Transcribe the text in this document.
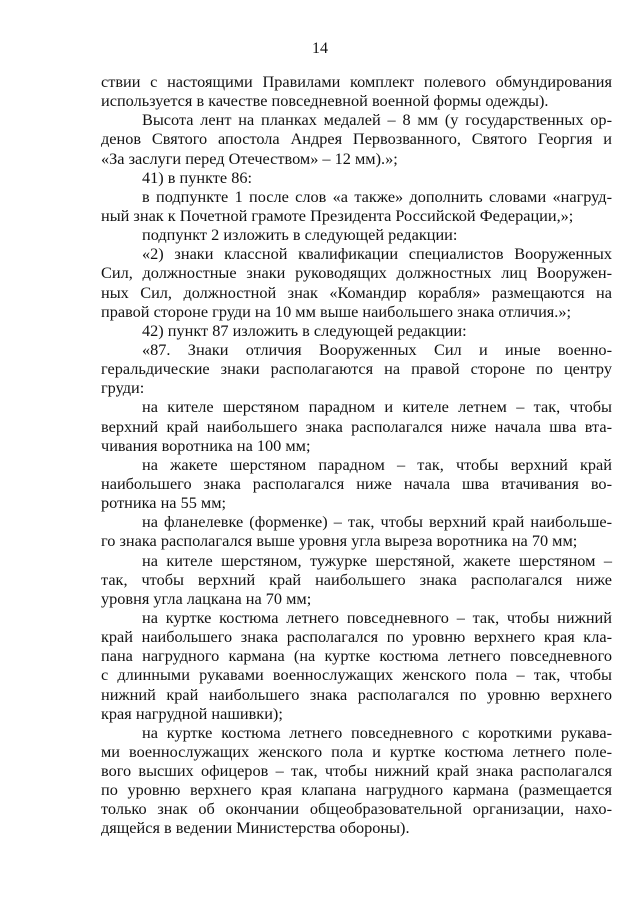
14
ствии с настоящими Правилами комплект полевого обмундирования
используется в качестве повседневной военной формы одежды).
Высота лент на планках медалей – 8 мм (у государственных ор-
денов Святого апостола Андрея Первозванного, Святого Георгия и
«За заслуги перед Отечеством» – 12 мм).»;
41) в пункте 86:
в подпункте 1 после слов «а также» дополнить словами «нагруд-
ный знак к Почетной грамоте Президента Российской Федерации,»;
подпункт 2 изложить в следующей редакции:
«2) знаки классной квалификации специалистов Вооруженных
Сил, должностные знаки руководящих должностных лиц Вооружен-
ных Сил, должностной знак «Командир корабля» размещаются на
правой стороне груди на 10 мм выше наибольшего знака отличия.»;
42) пункт 87 изложить в следующей редакции:
«87. Знаки отличия Вооруженных Сил и иные военно-
геральдические знаки располагаются на правой стороне по центру
груди:
на кителе шерстяном парадном и кителе летнем – так, чтобы
верхний край наибольшего знака располагался ниже начала шва вта-
чивания воротника на 100 мм;
на жакете шерстяном парадном – так, чтобы верхний край
наибольшего знака располагался ниже начала шва втачивания во-
ротника на 55 мм;
на фланелевке (форменке) – так, чтобы верхний край наибольше-
го знака располагался выше уровня угла выреза воротника на 70 мм;
на кителе шерстяном, тужурке шерстяной, жакете шерстяном –
так, чтобы верхний край наибольшего знака располагался ниже
уровня угла лацкана на 70 мм;
на куртке костюма летнего повседневного – так, чтобы нижний
край наибольшего знака располагался по уровню верхнего края кла-
пана нагрудного кармана (на куртке костюма летнего повседневного
с длинными рукавами военнослужащих женского пола – так, чтобы
нижний край наибольшего знака располагался по уровню верхнего
края нагрудной нашивки);
на куртке костюма летнего повседневного с короткими рукава-
ми военнослужащих женского пола и куртке костюма летнего поле-
вого высших офицеров – так, чтобы нижний край знака располагался
по уровню верхнего края клапана нагрудного кармана (размещается
только знак об окончании общеобразовательной организации, нахо-
дящейся в ведении Министерства обороны).
